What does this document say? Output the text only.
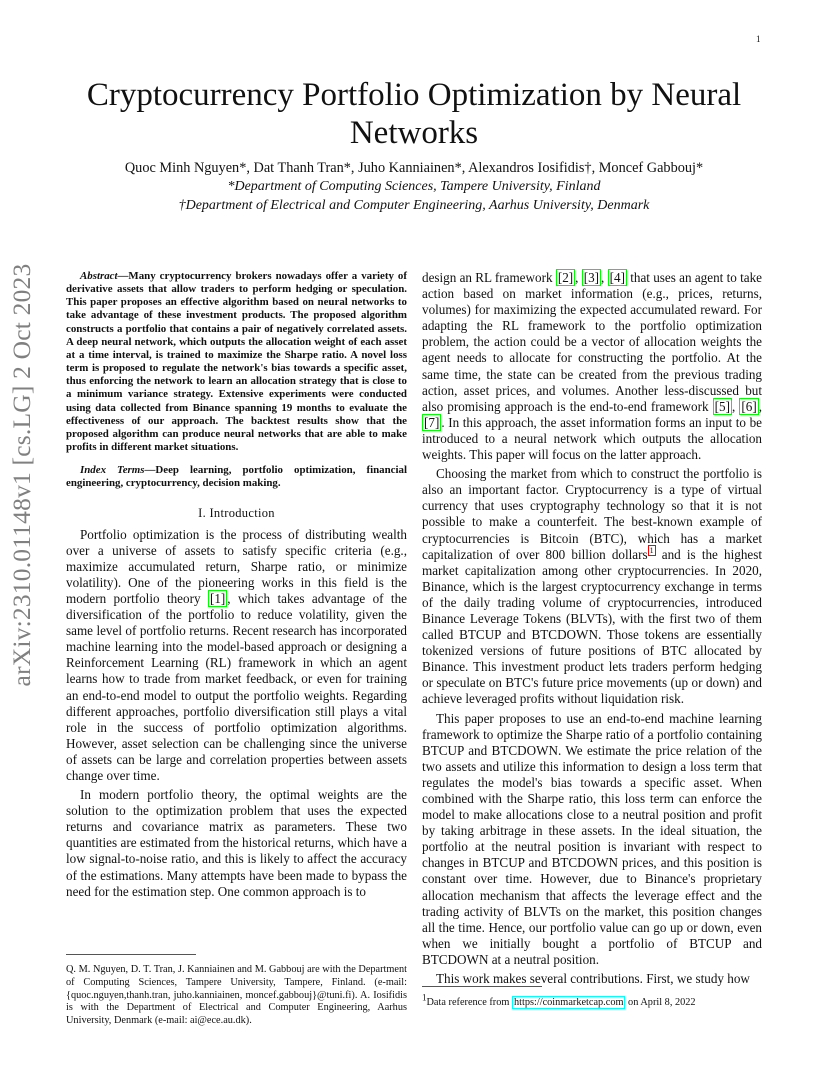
1
arXiv:2310.01148v1 [cs.LG] 2 Oct 2023
Cryptocurrency Portfolio Optimization by Neural Networks
Quoc Minh Nguyen*, Dat Thanh Tran*, Juho Kanniainen*, Alexandros Iosifidis†, Moncef Gabbouj*
*Department of Computing Sciences, Tampere University, Finland
†Department of Electrical and Computer Engineering, Aarhus University, Denmark

Abstract—Many cryptocurrency brokers nowadays offer a variety of derivative assets that allow traders to perform hedging or speculation. This paper proposes an effective algorithm based on neural networks to take advantage of these investment products. The proposed algorithm constructs a portfolio that contains a pair of negatively correlated assets. A deep neural network, which outputs the allocation weight of each asset at a time interval, is trained to maximize the Sharpe ratio. A novel loss term is proposed to regulate the network's bias towards a specific asset, thus enforcing the network to learn an allocation strategy that is close to a minimum variance strategy. Extensive experiments were conducted using data collected from Binance spanning 19 months to evaluate the effectiveness of our approach. The backtest results show that the proposed algorithm can produce neural networks that are able to make profits in different market situations.

Index Terms—Deep learning, portfolio optimization, financial engineering, cryptocurrency, decision making.

I. Introduction

Portfolio optimization is the process of distributing wealth over a universe of assets to satisfy specific criteria (e.g., maximize accumulated return, Sharpe ratio, or minimize volatility). One of the pioneering works in this field is the modern portfolio theory [1] , which takes advantage of the diversification of the portfolio to reduce volatility, given the same level of portfolio returns. Recent research has incorporated machine learning into the model-based approach or designing a Reinforcement Learning (RL) framework in which an agent learns how to trade from market feedback, or even for training an end-to-end model to output the portfolio weights. Regarding different approaches, portfolio diversification still plays a vital role in the success of portfolio optimization algorithms. However, asset selection can be challenging since the universe of assets can be large and correlation properties between assets change over time.

In modern portfolio theory, the optimal weights are the solution to the optimization problem that uses the expected returns and covariance matrix as parameters. These two quantities are estimated from the historical returns, which have a low signal-to-noise ratio, and this is likely to affect the accuracy of the estimations. Many attempts have been made to bypass the need for the estimation step. One common approach is to

Q. M. Nguyen, D. T. Tran, J. Kanniainen and M. Gabbouj are with the Department of Computing Sciences, Tampere University, Tampere, Finland. (e-mail: {quoc.nguyen,thanh.tran, juho.kanniainen, moncef.gabbouj}@tuni.fi). A. Iosifidis is with the Department of Electrical and Computer Engineering, Aarhus University, Denmark (e-mail: ai@ece.au.dk).

design an RL framework [2] , [3] , [4] that uses an agent to take action based on market information (e.g., prices, returns, volumes) for maximizing the expected accumulated reward. For adapting the RL framework to the portfolio optimization problem, the action could be a vector of allocation weights the agent needs to allocate for constructing the portfolio. At the same time, the state can be created from the previous trading action, asset prices, and volumes. Another less-discussed but also promising approach is the end-to-end framework [5] , [6] , [7] . In this approach, the asset information forms an input to be introduced to a neural network which outputs the allocation weights. This paper will focus on the latter approach.

Choosing the market from which to construct the portfolio is also an important factor. Cryptocurrency is a type of virtual currency that uses cryptography technology so that it is not possible to make a counterfeit. The best-known example of cryptocurrencies is Bitcoin (BTC), which has a market capitalization of over 800 billion dollars $^1$ and is the highest market capitalization among other cryptocurrencies. In 2020, Binance, which is the largest cryptocurrency exchange in terms of the daily trading volume of cryptocurrencies, introduced Binance Leverage Tokens (BLVTs), with the first two of them called BTCUP and BTCDOWN. Those tokens are essentially tokenized versions of future positions of BTC allocated by Binance. This investment product lets traders perform hedging or speculate on BTC's future price movements (up or down) and achieve leveraged profits without liquidation risk.

This paper proposes to use an end-to-end machine learning framework to optimize the Sharpe ratio of a portfolio containing BTCUP and BTCDOWN. We estimate the price relation of the two assets and utilize this information to design a loss term that regulates the model's bias towards a specific asset. When combined with the Sharpe ratio, this loss term can enforce the model to make allocations close to a neutral position and profit by taking arbitrage in these assets. In the ideal situation, the portfolio at the neutral position is invariant with respect to changes in BTCUP and BTCDOWN prices, and this position is constant over time. However, due to Binance's proprietary allocation mechanism that affects the leverage effect and the trading activity of BLVTs on the market, this position changes all the time. Hence, our portfolio value can go up or down, even when we initially bought a portfolio of BTCUP and BTCDOWN at a neutral position.

This work makes several contributions. First, we study how

1Data reference from https://coinmarketcap.com on April 8, 2022
